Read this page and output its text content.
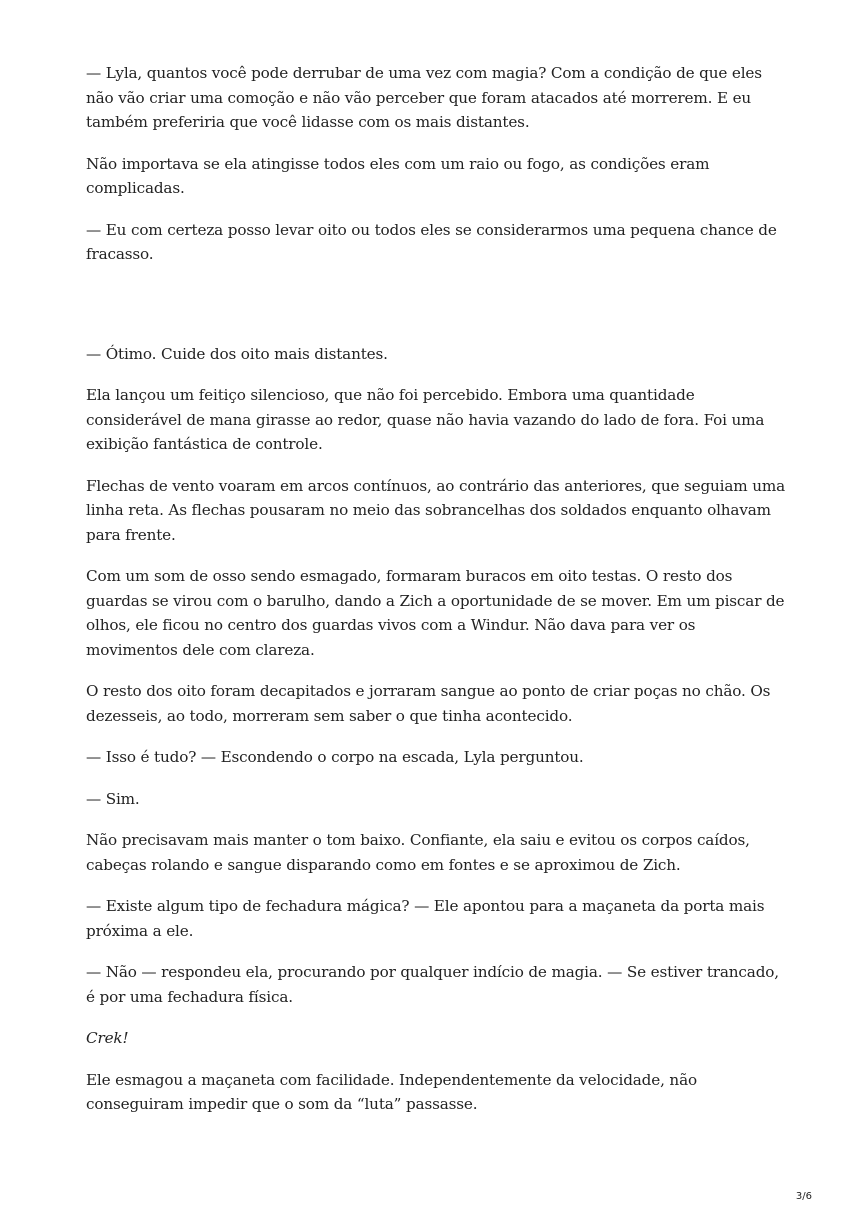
— Lyla, quantos você pode derrubar de uma vez com magia? Com a condição de que eles não vão criar uma comoção e não vão perceber que foram atacados até morrerem. E eu também preferiria que você lidasse com os mais distantes.

Não importava se ela atingisse todos eles com um raio ou fogo, as condições eram complicadas.

— Eu com certeza posso levar oito ou todos eles se considerarmos uma pequena chance de fracasso.

— Ótimo. Cuide dos oito mais distantes.

Ela lançou um feitiço silencioso, que não foi percebido. Embora uma quantidade considerável de mana girasse ao redor, quase não havia vazando do lado de fora. Foi uma exibição fantástica de controle.

Flechas de vento voaram em arcos contínuos, ao contrário das anteriores, que seguiam uma linha reta. As flechas pousaram no meio das sobrancelhas dos soldados enquanto olhavam para frente.

Com um som de osso sendo esmagado, formaram buracos em oito testas. O resto dos guardas se virou com o barulho, dando a Zich a oportunidade de se mover. Em um piscar de olhos, ele ficou no centro dos guardas vivos com a Windur. Não dava para ver os movimentos dele com clareza.

O resto dos oito foram decapitados e jorraram sangue ao ponto de criar poças no chão. Os dezesseis, ao todo, morreram sem saber o que tinha acontecido.

— Isso é tudo? — Escondendo o corpo na escada, Lyla perguntou.

— Sim.

Não precisavam mais manter o tom baixo. Confiante, ela saiu e evitou os corpos caídos, cabeças rolando e sangue disparando como em fontes e se aproximou de Zich.

— Existe algum tipo de fechadura mágica? — Ele apontou para a maçaneta da porta mais próxima a ele.

— Não — respondeu ela, procurando por qualquer indício de magia. — Se estiver trancado, é por uma fechadura física.

Crek!

Ele esmagou a maçaneta com facilidade. Independentemente da velocidade, não conseguiram impedir que o som da “luta” passasse.

3/6
